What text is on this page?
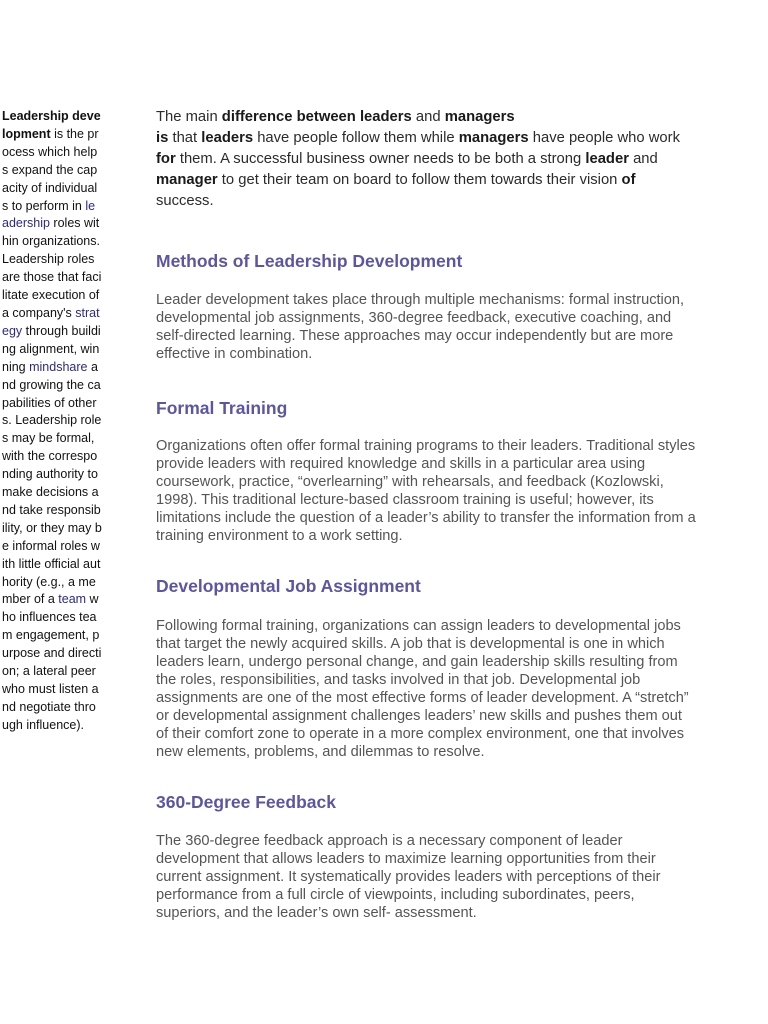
Leadership development is the process which helps expand the capacity of individuals to perform in leadership roles within organizations. Leadership roles are those that facilitate execution of a company's strategy through building alignment, winning mindshare and growing the capabilities of others. Leadership roles may be formal, with the corresponding authority to make decisions and take responsibility, or they may be informal roles with little official authority (e.g., a member of a team who influences team engagement, purpose and direction; a lateral peer who must listen and negotiate through influence).

The main difference between leaders and managers
is that leaders have people follow them while managers have people who work for them. A successful business owner needs to be both a strong leader and manager to get their team on board to follow them towards their vision of success.

Methods of Leadership Development

Leader development takes place through multiple mechanisms: formal instruction, developmental job assignments, 360-degree feedback, executive coaching, and self-directed learning. These approaches may occur independently but are more effective in combination.

Formal Training

Organizations often offer formal training programs to their leaders. Traditional styles provide leaders with required knowledge and skills in a particular area using coursework, practice, “overlearning” with rehearsals, and feedback (Kozlowski, 1998). This traditional lecture-based classroom training is useful; however, its limitations include the question of a leader’s ability to transfer the information from a training environment to a work setting.

Developmental Job Assignment

Following formal training, organizations can assign leaders to developmental jobs that target the newly acquired skills. A job that is developmental is one in which leaders learn, undergo personal change, and gain leadership skills resulting from the roles, responsibilities, and tasks involved in that job. Developmental job assignments are one of the most effective forms of leader development. A “stretch” or developmental assignment challenges leaders’ new skills and pushes them out of their comfort zone to operate in a more complex environment, one that involves new elements, problems, and dilemmas to resolve.

360-Degree Feedback

The 360-degree feedback approach is a necessary component of leader development that allows leaders to maximize learning opportunities from their current assignment. It systematically provides leaders with perceptions of their performance from a full circle of viewpoints, including subordinates, peers, superiors, and the leader’s own self- assessment.
